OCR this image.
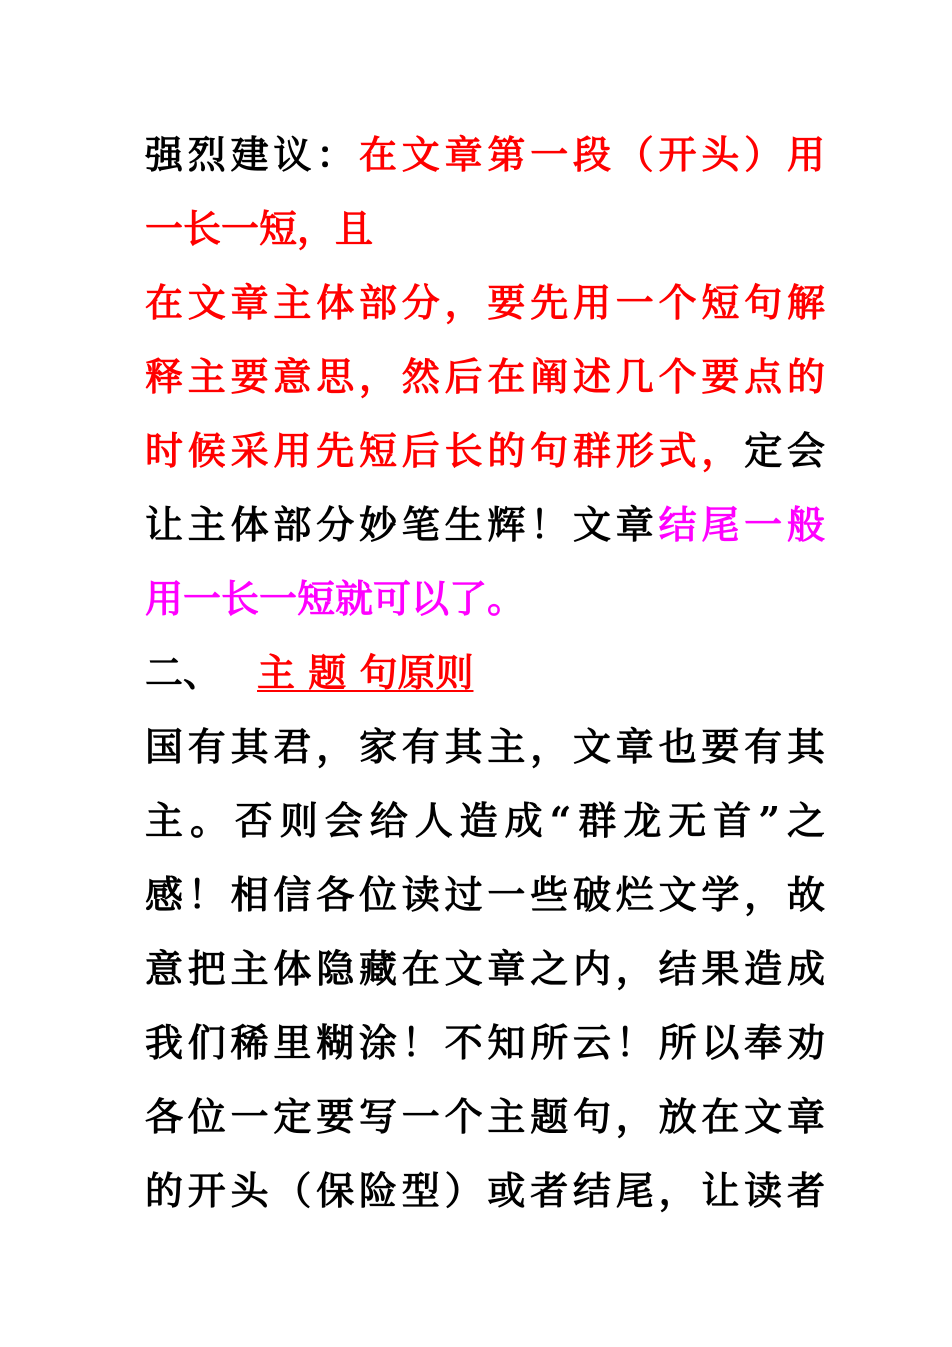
强烈建议：在文章第一段（开头）用
一长一短，且
在文章主体部分，要先用一个短句解
释主要意思，然后在阐述几个要点的
时候采用先短后长的句群形式，定会
让主体部分妙笔生辉！文章结尾一般
用一长一短就可以了。
二、 主 题 句原则
国有其君，家有其主，文章也要有其
主。否则会给人造成“群龙无首”之
感！相信各位读过一些破烂文学，故
意把主体隐藏在文章之内，结果造成
我们稀里糊涂！不知所云！所以奉劝
各位一定要写一个主题句，放在文章
的开头（保险型）或者结尾，让读者
